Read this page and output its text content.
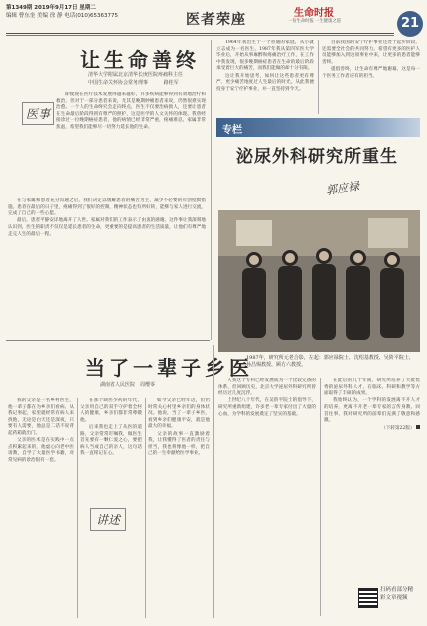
第1349期 2019年9月17日 星期二
编辑 曹东奎 美编 徐 静 电话(010)65363775	医者荣座	生命时报
一份生命时报 一生健康之道	21
让生命善终
清华大学附属北京清华长庚医院疼痛科主任
中国生命关怀协会常务理事	路桂军
医事

即使现在医疗技术发展得越来越好，许多疾病能够得到有效地治疗和救治，但对于一部分患者来说，尤其是晚期肿瘤患者来说，仍然很难实现治愈。一个人的生命终究会走向终点，医生不仅要治病救人，还要让患者在生命最后阶段得到有尊严的照护，这是医学的人文关怀的体现。我曾经接诊过一位晚期癌症患者，他的病情已经非常严重，疼痛难忍，家属非常焦虑，希望我们能够尽一切努力延长他的生命。

在与家属和患者充分沟通之后，我们决定以缓解患者的痛苦为主，减少不必要的有创抢救措施。患者在最后的日子里，疼痛得到了很好的控制，精神状态也有所好转，能够与家人进行交流，完成了自己的一些心愿。

最后，患者平静安详地离开了人世。家属对我们的工作表示了由衷的感谢。这件事让我深刻地认识到，医生的职责不仅仅是延长患者的生命，更重要的是提高患者的生活质量，让他们有尊严地走完人生的最后一程。

1964年我出生于一个普通的家庭，从小就立志成为一名医生。1987年我从第四军医大学毕业后，开始从事麻醉和疼痛治疗工作，在工作中我发现，很多晚期癌症患者在生命的最后阶段承受着巨大的痛苦，而我们能做的却十分有限。

这让我开始思考，如何让这些患者更有尊严、更少痛苦地度过人生最后的时光。从此我便投身于安宁疗护事业，并一直坚持到今天。

目前我国的安宁疗护事业还处于起步阶段，还需要全社会的共同努力。希望有更多的医护人员能够加入到这项事业中来，让更多的患者能够善终。

提倡善终，让生命有尊严地谢幕，这是每一个医务工作者应有的担当。

专栏
泌尿外科研究所重生
郭应禄
1987年，研究所元老合影，左起：郭应禄院士、沈绍基教授、吴阶平院士、孙昌惕教授、顾方六教授。

人我这个专科已经发展成为一个比较完备的体系，但回顾历史，北京大学泌尿外科研究所曾经历过几度沉浮。

上世纪八十年代，在吴阶平院士的倡导下，研究所重新组建，许多老一辈专家付出了大量的心血，为学科的发展奠定了坚实的基础。

在此后的几十年间，研究所培养了大批优秀的泌尿外科人才，在临床、科研和教学等方面取得了丰硕的成果。

我始终认为，一个学科的发展离不开人才的培养，更离不开老一辈专家的言传身教。回首往事，我对研究所的前辈们充满了敬意和感激。

（下转第22版）

当了一辈子乡医
湖南省人民医院　周缨零
讲述

我的父亲是一名乡村医生，他一辈子都在为乡亲们看病。从我记事起，家里就经常有病人来找他，无论是白天还是深夜，只要有人需要，他总是二话不说背起药箱就出门。

父亲的医术是在实践中一点点积累起来的，他虚心向老中医请教，自学了大量医学书籍，对常见病的诊治很有一套。

在那个缺医少药的年代，父亲用自己的双手守护着全村人的健康，乡亲们都非常尊敬他。

后来我也走上了从医的道路，父亲常常叮嘱我，做医生首先要有一颗仁爱之心，要把病人当成自己的亲人，这句话我一直铭记在心。

如今父亲已经年迈，但仍时常关心村里乡亲们的身体状况。他说，当了一辈子乡医，看到乡亲们健康平安，就是他最大的幸福。

父亲的故事一直激励着我，让我懂得了医者的责任与担当，我也将像他一样，把自己的一生奉献给医学事业。

扫码看部分精
彩文章视频
